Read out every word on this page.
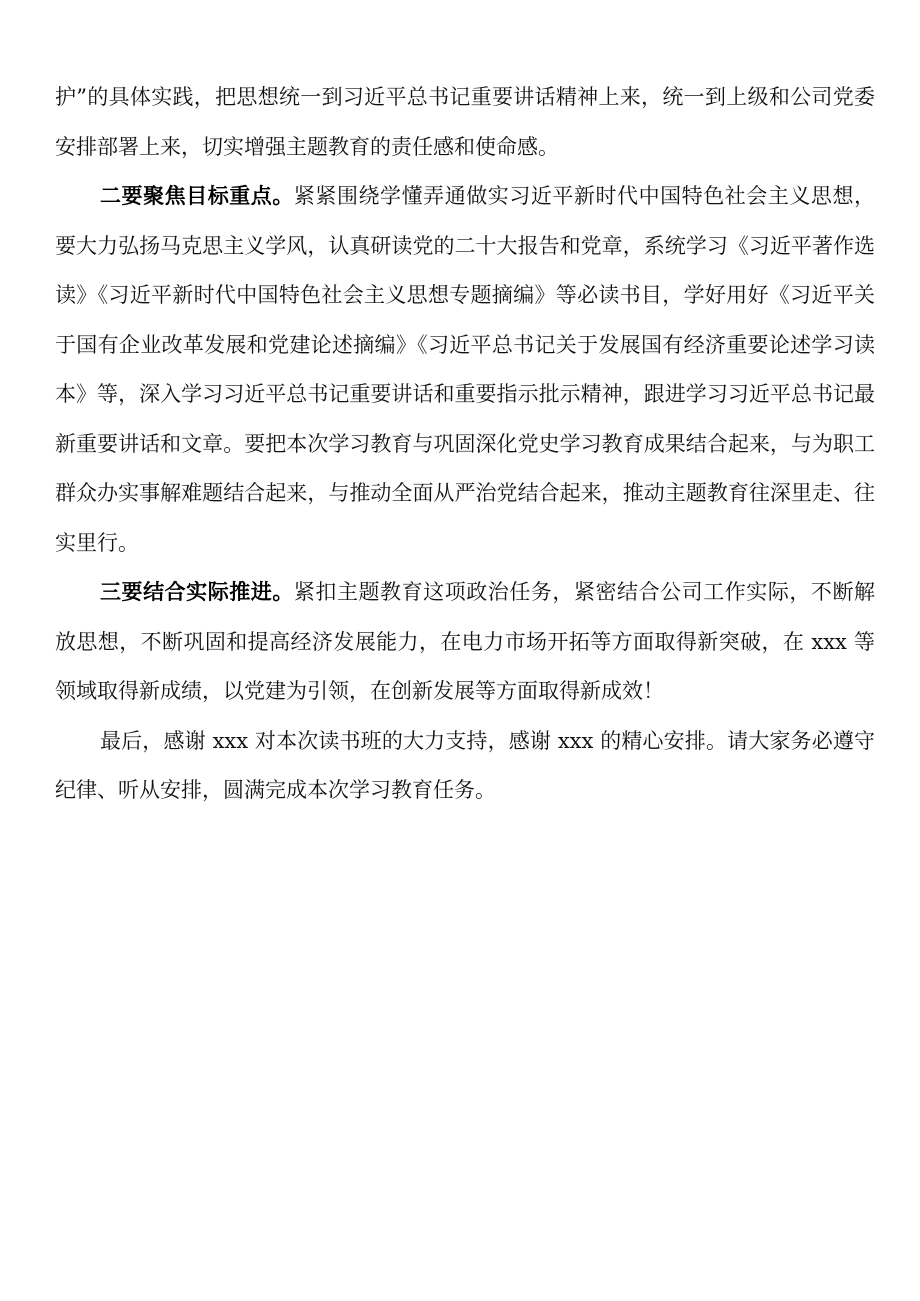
护”的具体实践，把思想统一到习近平总书记重要讲话精神上来，统一到上级和公司党委安排部署上来，切实增强主题教育的责任感和使命感。

二要聚焦目标重点。紧紧围绕学懂弄通做实习近平新时代中国特色社会主义思想，要大力弘扬马克思主义学风，认真研读党的二十大报告和党章，系统学习《习近平著作选读》《习近平新时代中国特色社会主义思想专题摘编》等必读书目，学好用好《习近平关于国有企业改革发展和党建论述摘编》《习近平总书记关于发展国有经济重要论述学习读本》等，深入学习习近平总书记重要讲话和重要指示批示精神，跟进学习习近平总书记最新重要讲话和文章。要把本次学习教育与巩固深化党史学习教育成果结合起来，与为职工群众办实事解难题结合起来，与推动全面从严治党结合起来，推动主题教育往深里走、往实里行。

三要结合实际推进。紧扣主题教育这项政治任务，紧密结合公司工作实际，不断解放思想，不断巩固和提高经济发展能力，在电力市场开拓等方面取得新突破，在 xxx 等领域取得新成绩，以党建为引领，在创新发展等方面取得新成效！

最后，感谢 xxx 对本次读书班的大力支持，感谢 xxx 的精心安排。请大家务必遵守纪律、听从安排，圆满完成本次学习教育任务。
